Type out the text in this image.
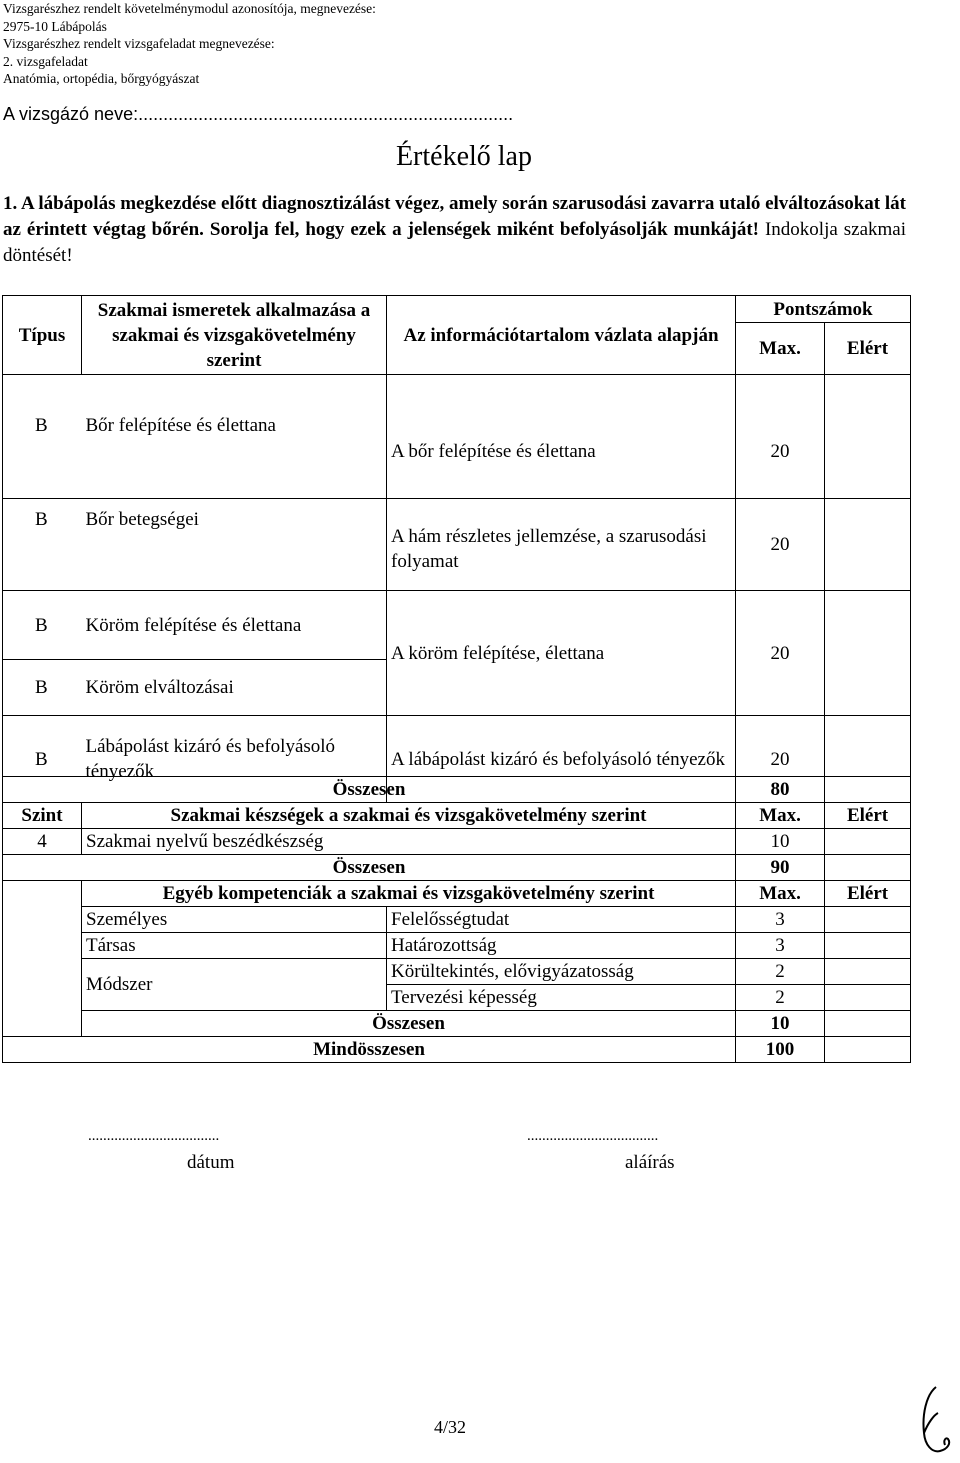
Vizsgarészhez rendelt követelménymodul azonosítója, megnevezése:
2975-10 Lábápolás
Vizsgarészhez rendelt vizsgafeladat megnevezése:
2. vizsgafeladat
Anatómia, ortopédia, bőrgyógyászat
A vizsgázó neve:...........................................................................
Értékelő lap
1. A lábápolás megkezdése előtt diagnosztizálást végez, amely során szarusodási zavarra utaló elváltozásokat lát az érintett végtag bőrén. Sorolja fel, hogy ezek a jelenségek miként befolyásolják munkáját! Indokolja szakmai döntését!
Típus	Szakmai ismeretek alkalmazása a szakmai és vizsgakövetelmény szerint	Az információtartalom vázlata alapján	Pontszámok	
			Max.	Elért
B	Bőr felépítése és élettana	A bőr felépítése és élettana	20	
B	Bőr betegségei	A hám részletes jellemzése, a szarusodási folyamat	20	
B	Köröm felépítése és élettana	A köröm felépítése, élettana	20	
B	Köröm elváltozásai			
B	Lábápolást kizáró és befolyásoló tényezők	A lábápolást kizáró és befolyásoló tényezők	20	
Összesen			80	
Szint	Szakmai készségek a szakmai és vizsgakövetelmény szerint		Max.	Elért
4	Szakmai nyelvű beszédkészség		10	
Összesen			90	
	Egyéb kompetenciák a szakmai és vizsgakövetelmény szerint		Max.	Elért
	Személyes	Felelősségtudat	3	
	Társas	Határozottság	3	
	Módszer	Körültekintés, elővigyázatosság	2	
		Tervezési képesség	2	
	Összesen		10	
Mindösszesen			100	
...................................
dátum
...................................
aláírás
4/32
